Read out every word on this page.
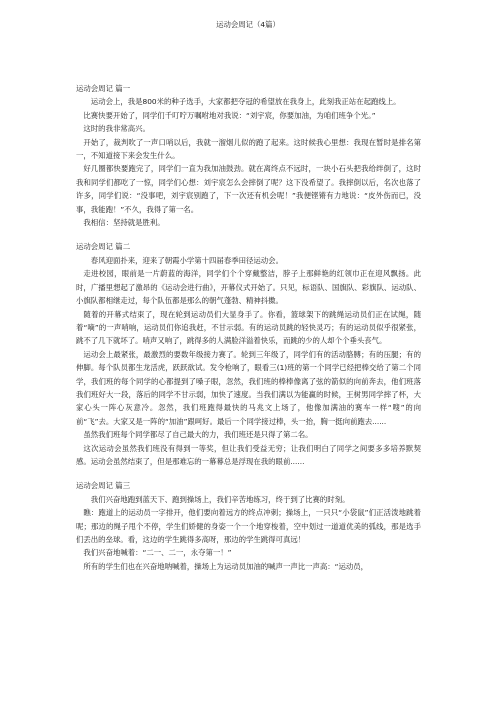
运动会周记（4篇）

运动会周记 篇一

运动会上，我是800米的种子选手，大家都把夺冠的希望放在我身上，此刻我正站在起跑线上。

比赛快要开始了，同学们千叮咛万嘱咐地对我说：“刘宇宸，你要加油，为咱们班争个光。”

这时的我非常高兴。

开始了，裁判吹了一声口哨以后，我就一溜烟儿似的跑了起来。这时候我心里想：我现在暂时是排名第一，不知道接下来会发生什么。

好几圈都快要跑完了，同学们一直为我加油鼓劲。就在离终点不远时，一块小石头把我给绊倒了，这时我和同学们都吃了一惊，同学们心想：刘宇宸怎么会摔倒了呢？这下没希望了。我摔倒以后，名次也落了许多，同学们说：“没事吧，刘宇宸别跑了，下一次还有机会呢！”我便铿锵有力地说：“皮外伤而已，没事，我能跑！”不久，我得了第一名。

我相信：坚持就是胜利。

运动会周记 篇二

春风迎面扑来，迎来了朝霞小学第十四届春季田径运动会。

走进校园，眼前是一片蔚蓝的海洋，同学们个个穿戴整洁，脖子上那鲜艳的红领巾正在迎风飘扬。此时，广播里想起了激昂的《运动会进行曲》，开幕仪式开始了。只见，标语队、国旗队、彩旗队、运动队、小旗队都相继走过，每个队伍都是那么的朝气蓬勃、精神抖擞。

随着的开幕式结束了，现在轮到运动员们大显身手了。你看，篮球架下的跳绳运动员们正在试绳，随着“嘀”的一声哨响，运动员们你追我赶，不甘示弱。有的运动员跳的轻快灵巧；有的运动员似乎很紧张，跳不了几下就坏了。哨声又响了，跳得多的人满脸洋溢着快乐，而跳的少的人却个个垂头丧气。

运动会上最紧张，最激烈的要数年级接力赛了。轮到三年级了，同学们有的活动胳膊；有的压腿；有的伸脚。每个队员都生龙活虎，跃跃欲试。发令枪响了，眼看三(1)班的第一个同学已经把棒交给了第二个同学，我们班的每个同学的心都提到了嗓子眼，忽然，我们班的棒棒像离了弦的箭似的向前奔去，他们班落我们班好大一段，落后的同学不甘示弱，加快了速度。当我们满以为能赢的时候，王树男同学摔了杯，大家心头一阵心灰意冷。忽然，我们班跑得最快的马兆文上场了，他像加满油的赛车一样“嗖”的向前“飞”去。大家又是一阵的“加油”跟呵好。最后一个同学接过棒，头一抬，胸一挺向前跑去......

虽然我们班每个同学都尽了自己最大的力，我们班还是只得了第二名。

这次运动会虽然我们班没有得到一等奖，但让我们受益无穷；让我们明白了同学之间要多多培养默契感。运动会虽然结束了，但是那难忘的一幕幕总是浮现在我的眼前......

运动会周记 篇三

我们兴奋地跑到蓝天下、跑到操场上，我们辛苦地练习，终于到了比赛的时刻。

瞧：跑道上的运动员一字排开，他们要向着远方的终点冲刺；操场上，一只只“小袋鼠”们正活泼地跳着呢；那边的绳子甩个不停，学生们娇健的身姿一个一个地穿梭着，空中划过一道道优美的弧线，那是选手们丢出的垒球。看，这边的学生跳得多高呀，那边的学生跳得可真远！

我们兴奋地喊着：“二一、二一，永夺第一！”

所有的学生们也在兴奋地呐喊着，操场上为运动员加油的喊声一声比一声高：“运动员，
